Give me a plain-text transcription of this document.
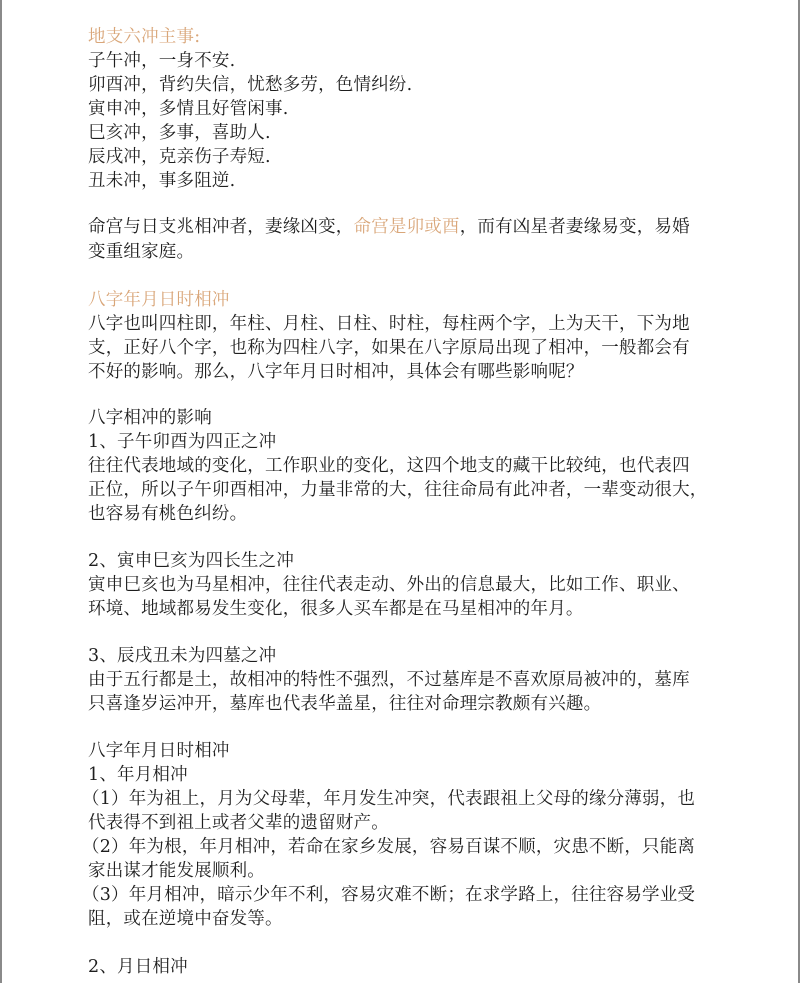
地支六冲主事:
子午冲，一身不安.
卯酉冲，背约失信，忧愁多劳，色情纠纷.
寅申冲，多情且好管闲事.
巳亥冲，多事，喜助人.
辰戌冲，克亲伤子寿短.
丑未冲，事多阻逆.
命宫与日支兆相冲者，妻缘凶变，命宫是卯或酉，而有凶星者妻缘易变，易婚
变重组家庭。
八字年月日时相冲
八字也叫四柱即，年柱、月柱、日柱、时柱，每柱两个字，上为天干，下为地
支，正好八个字，也称为四柱八字，如果在八字原局出现了相冲，一般都会有
不好的影响。那么，八字年月日时相冲，具体会有哪些影响呢？
八字相冲的影响
1、子午卯酉为四正之冲
往往代表地域的变化，工作职业的变化，这四个地支的藏干比较纯，也代表四
正位，所以子午卯酉相冲，力量非常的大，往往命局有此冲者，一辈变动很大，
也容易有桃色纠纷。
2、寅申巳亥为四长生之冲
寅申巳亥也为马星相冲，往往代表走动、外出的信息最大，比如工作、职业、
环境、地域都易发生变化，很多人买车都是在马星相冲的年月。
3、辰戌丑未为四墓之冲
由于五行都是土，故相冲的特性不强烈，不过墓库是不喜欢原局被冲的，墓库
只喜逢岁运冲开，墓库也代表华盖星，往往对命理宗教颇有兴趣。
八字年月日时相冲
1、年月相冲
（1）年为祖上，月为父母辈，年月发生冲突，代表跟祖上父母的缘分薄弱，也
代表得不到祖上或者父辈的遗留财产。
（2）年为根，年月相冲，若命在家乡发展，容易百谋不顺，灾患不断，只能离
家出谋才能发展顺利。
（3）年月相冲，暗示少年不利，容易灾难不断；在求学路上，往往容易学业受
阻，或在逆境中奋发等。
2、月日相冲
